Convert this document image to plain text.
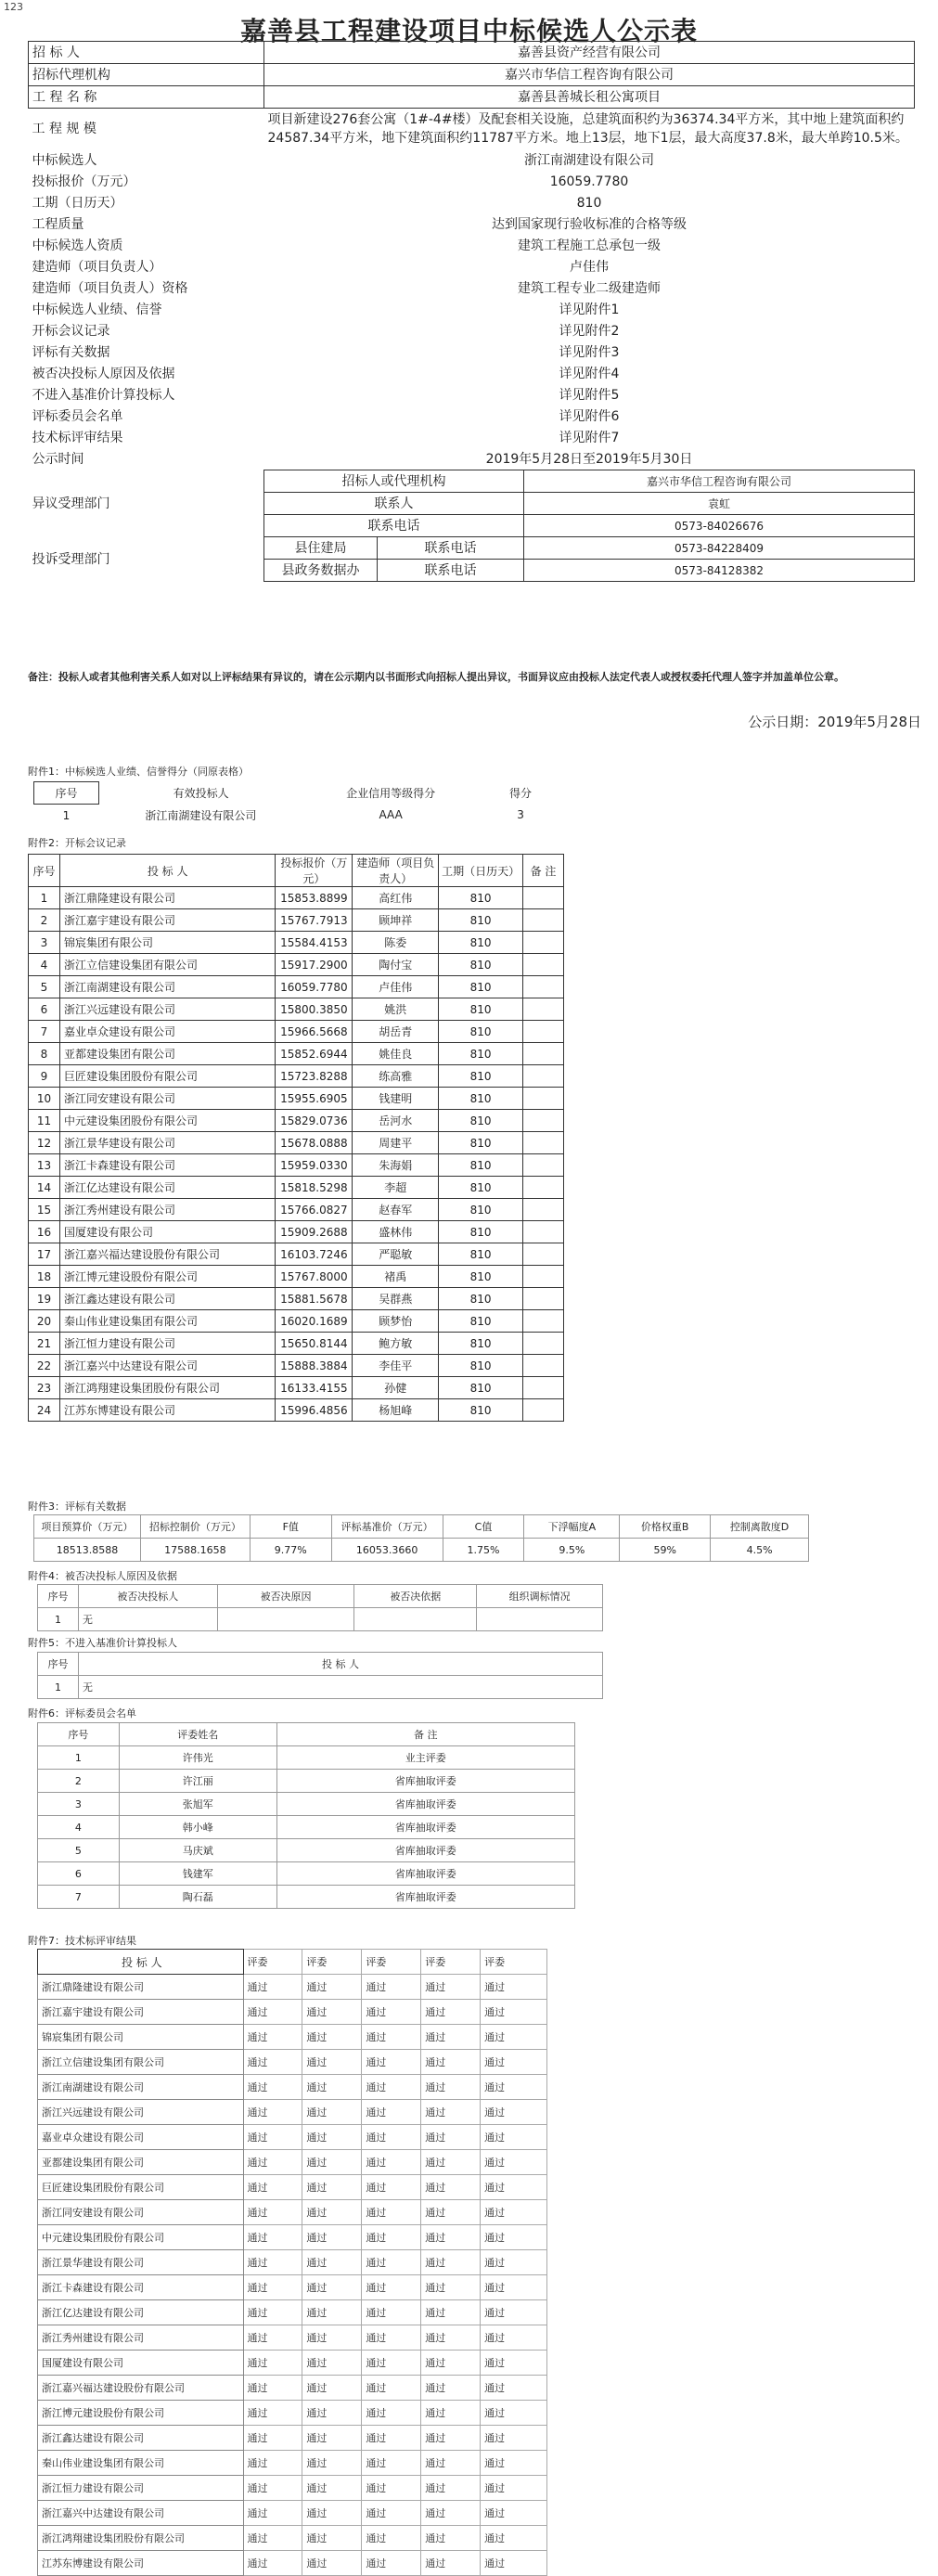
123
嘉善县工程建设项目中标候选人公示表
招 标 人	嘉善县资产经营有限公司		
招标代理机构	嘉兴市华信工程咨询有限公司		
工 程 名 称	嘉善县善城长租公寓项目		
工 程 规 模	项目新建设276套公寓（1#-4#楼）及配套相关设施，总建筑面积约为36374.34平方米，其中地上建筑面积约24587.34平方米，地下建筑面积约11787平方米。地上13层，地下1层，最大高度37.8米，最大单跨10.5米。		
中标候选人	浙江南湖建设有限公司		
投标报价（万元）	16059.7780		
工期（日历天）	810		
工程质量	达到国家现行验收标准的合格等级		
中标候选人资质	建筑工程施工总承包一级		
建造师（项目负责人）	卢佳伟		
建造师（项目负责人）资格	建筑工程专业二级建造师		
中标候选人业绩、信誉	详见附件1		
开标会议记录	详见附件2		
评标有关数据	详见附件3		
被否决投标人原因及依据	详见附件4		
不进入基准价计算投标人	详见附件5		
评标委员会名单	详见附件6		
技术标评审结果	详见附件7		
公示时间	2019年5月28日至2019年5月30日		
异议受理部门	招标人或代理机构		嘉兴市华信工程咨询有限公司
	联系人		袁虹
	联系电话		0573-84026676
投诉受理部门	县住建局	联系电话	0573-84228409
	县政务数据办	联系电话	0573-84128382
备注：投标人或者其他利害关系人如对以上评标结果有异议的，请在公示期内以书面形式向招标人提出异议，书面异议应由投标人法定代表人或授权委托代理人签字并加盖单位公章。
公示日期：2019年5月28日
附件1：中标候选人业绩、信誉得分（同原表格）
序号	有效投标人	企业信用等级得分	得分
1	浙江南湖建设有限公司	AAA	3
附件2：开标会议记录
序号	投 标 人	投标报价（万元）	建造师（项目负责人）	工期（日历天）	备 注
1	浙江鼎隆建设有限公司	15853.8899	高红伟	810	
2	浙江嘉宇建设有限公司	15767.7913	顾坤祥	810	
3	锦宸集团有限公司	15584.4153	陈委	810	
4	浙江立信建设集团有限公司	15917.2900	陶付宝	810	
5	浙江南湖建设有限公司	16059.7780	卢佳伟	810	
6	浙江兴远建设有限公司	15800.3850	姚洪	810	
7	嘉业卓众建设有限公司	15966.5668	胡岳青	810	
8	亚都建设集团有限公司	15852.6944	姚佳良	810	
9	巨匠建设集团股份有限公司	15723.8288	练高雅	810	
10	浙江同安建设有限公司	15955.6905	钱建明	810	
11	中元建设集团股份有限公司	15829.0736	岳河水	810	
12	浙江景华建设有限公司	15678.0888	周建平	810	
13	浙江卡森建设有限公司	15959.0330	朱海娟	810	
14	浙江亿达建设有限公司	15818.5298	李超	810	
15	浙江秀州建设有限公司	15766.0827	赵春军	810	
16	国厦建设有限公司	15909.2688	盛林伟	810	
17	浙江嘉兴福达建设股份有限公司	16103.7246	严聪敏	810	
18	浙江博元建设股份有限公司	15767.8000	褚禹	810	
19	浙江鑫达建设有限公司	15881.5678	吴群燕	810	
20	秦山伟业建设集团有限公司	16020.1689	顾梦怡	810	
21	浙江恒力建设有限公司	15650.8144	鲍方敏	810	
22	浙江嘉兴中达建设有限公司	15888.3884	李佳平	810	
23	浙江鸿翔建设集团股份有限公司	16133.4155	孙健	810	
24	江苏东博建设有限公司	15996.4856	杨旭峰	810	
附件3：评标有关数据
项目预算价（万元）	招标控制价（万元）	F值	评标基准价（万元）	C值	下浮幅度A	价格权重B	控制离散度D
18513.8588	17588.1658	9.77%	16053.3660	1.75%	9.5%	59%	4.5%
附件4：被否决投标人原因及依据
序号	被否决投标人	被否决原因	被否决依据	组织调标情况
1	无			
附件5：不进入基准价计算投标人
序号	投 标 人
1	无
附件6：评标委员会名单
序号	评委姓名	备 注
1	许伟光	业主评委
2	许江丽	省库抽取评委
3	张旭军	省库抽取评委
4	韩小峰	省库抽取评委
5	马庆斌	省库抽取评委
6	钱建军	省库抽取评委
7	陶石磊	省库抽取评委
附件7：技术标评审结果
投 标 人	评委	评委	评委	评委	评委
浙江鼎隆建设有限公司	通过	通过	通过	通过	通过
浙江嘉宇建设有限公司	通过	通过	通过	通过	通过
锦宸集团有限公司	通过	通过	通过	通过	通过
浙江立信建设集团有限公司	通过	通过	通过	通过	通过
浙江南湖建设有限公司	通过	通过	通过	通过	通过
浙江兴远建设有限公司	通过	通过	通过	通过	通过
嘉业卓众建设有限公司	通过	通过	通过	通过	通过
亚都建设集团有限公司	通过	通过	通过	通过	通过
巨匠建设集团股份有限公司	通过	通过	通过	通过	通过
浙江同安建设有限公司	通过	通过	通过	通过	通过
中元建设集团股份有限公司	通过	通过	通过	通过	通过
浙江景华建设有限公司	通过	通过	通过	通过	通过
浙江卡森建设有限公司	通过	通过	通过	通过	通过
浙江亿达建设有限公司	通过	通过	通过	通过	通过
浙江秀州建设有限公司	通过	通过	通过	通过	通过
国厦建设有限公司	通过	通过	通过	通过	通过
浙江嘉兴福达建设股份有限公司	通过	通过	通过	通过	通过
浙江博元建设股份有限公司	通过	通过	通过	通过	通过
浙江鑫达建设有限公司	通过	通过	通过	通过	通过
秦山伟业建设集团有限公司	通过	通过	通过	通过	通过
浙江恒力建设有限公司	通过	通过	通过	通过	通过
浙江嘉兴中达建设有限公司	通过	通过	通过	通过	通过
浙江鸿翔建设集团股份有限公司	通过	通过	通过	通过	通过
江苏东博建设有限公司	通过	通过	通过	通过	通过
